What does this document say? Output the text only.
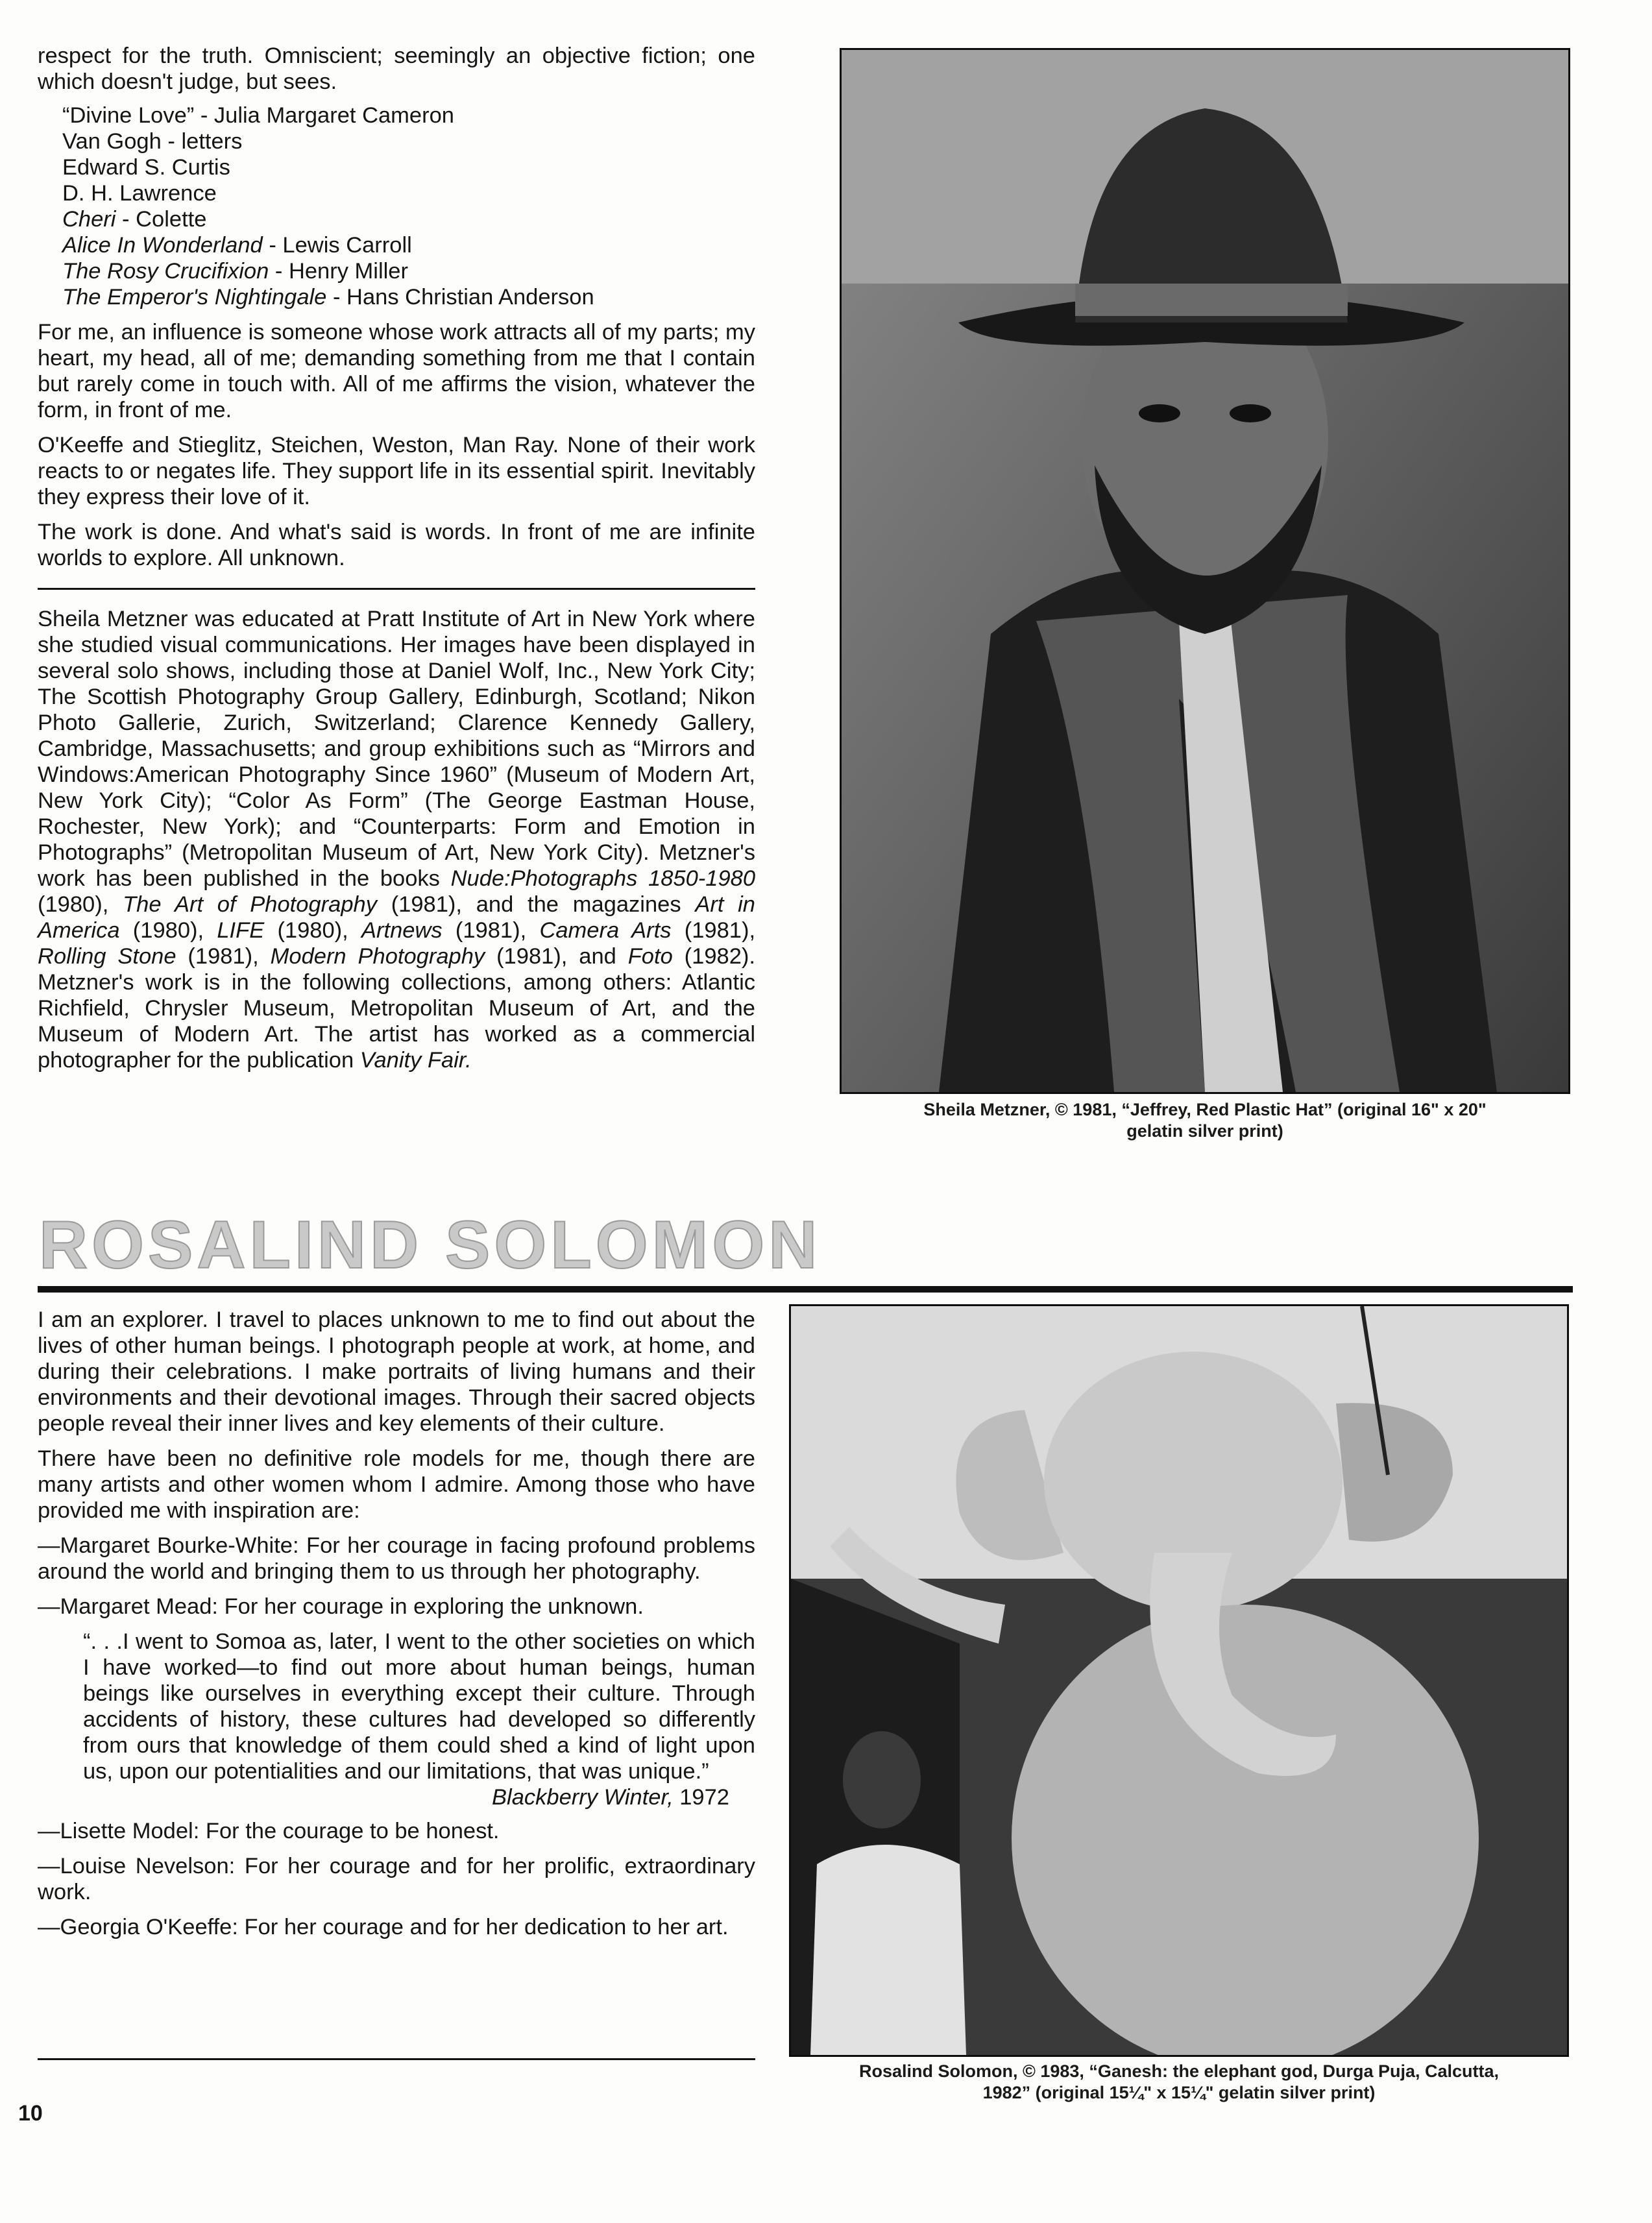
respect for the truth. Omniscient; seemingly an objective fiction; one which doesn't judge, but sees.

“Divine Love” - Julia Margaret Cameron
Van Gogh - letters
Edward S. Curtis
D. H. Lawrence
Cheri - Colette
Alice In Wonderland - Lewis Carroll
The Rosy Crucifixion - Henry Miller
The Emperor's Nightingale - Hans Christian Anderson

For me, an influence is someone whose work attracts all of my parts; my heart, my head, all of me; demanding something from me that I contain but rarely come in touch with. All of me affirms the vision, whatever the form, in front of me.

O'Keeffe and Stieglitz, Steichen, Weston, Man Ray. None of their work reacts to or negates life. They support life in its essential spirit. Inevitably they express their love of it.

The work is done. And what's said is words. In front of me are infinite worlds to explore. All unknown.

Sheila Metzner was educated at Pratt Institute of Art in New York where she studied visual communications. Her images have been displayed in several solo shows, including those at Daniel Wolf, Inc., New York City; The Scottish Photography Group Gallery, Edinburgh, Scotland; Nikon Photo Gallerie, Zurich, Switzerland; Clarence Kennedy Gallery, Cambridge, Massachusetts; and group exhibitions such as “Mirrors and Windows:American Photography Since 1960” (Museum of Modern Art, New York City); “Color As Form” (The George Eastman House, Rochester, New York); and “Counterparts: Form and Emotion in Photographs” (Metropolitan Museum of Art, New York City). Metzner's work has been published in the books Nude:Photographs 1850-1980 (1980), The Art of Photography (1981), and the magazines Art in America (1980), LIFE (1980), Artnews (1981), Camera Arts (1981), Rolling Stone (1981), Modern Photography (1981), and Foto (1982). Metzner's work is in the following collections, among others: Atlantic Richfield, Chrysler Museum, Metropolitan Museum of Art, and the Museum of Modern Art. The artist has worked as a commercial photographer for the publication Vanity Fair.

Sheila Metzner, © 1981, “Jeffrey, Red Plastic Hat” (original 16" x 20"
gelatin silver print)
ROSALIND SOLOMON

I am an explorer. I travel to places unknown to me to find out about the lives of other human beings. I photograph people at work, at home, and during their celebrations. I make portraits of living humans and their environments and their devotional images. Through their sacred objects people reveal their inner lives and key elements of their culture.

There have been no definitive role models for me, though there are many artists and other women whom I admire. Among those who have provided me with inspiration are:

—Margaret Bourke-White: For her courage in facing profound problems around the world and bringing them to us through her photography.

—Margaret Mead: For her courage in exploring the unknown.

“. . .I went to Somoa as, later, I went to the other societies on which I have worked—to find out more about human beings, human beings like ourselves in everything except their culture. Through accidents of history, these cultures had developed so differently from ours that knowledge of them could shed a kind of light upon us, upon our potentialities and our limitations, that was unique.”
Blackberry Winter, 1972

—Lisette Model: For the courage to be honest.

—Louise Nevelson: For her courage and for her prolific, extraordinary work.

—Georgia O'Keeffe: For her courage and for her dedication to her art.

Rosalind Solomon, © 1983, “Ganesh: the elephant god, Durga Puja, Calcutta,
1982” (original 15¼" x 15¼" gelatin silver print)
10
